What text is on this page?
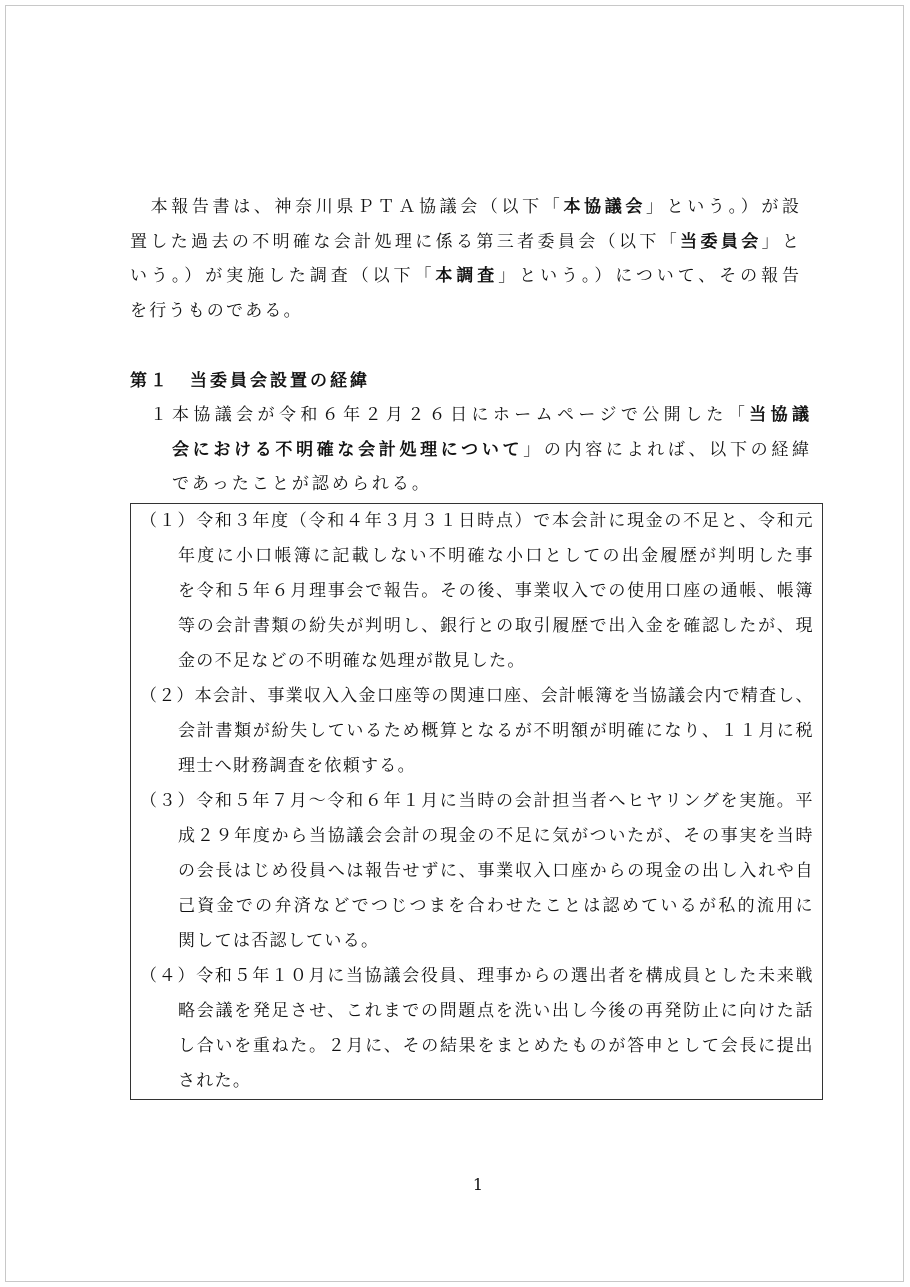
　本報告書は、神奈川県ＰＴＡ協議会（以下「本協議会」という。）が設
置した過去の不明確な会計処理に係る第三者委員会（以下「当委員会」と
いう。）が実施した調査（以下「本調査」という。）について、その報告
を行うものである。
第１ 当委員会設置の経緯
１ 本協議会が令和６年２月２６日にホームページで公開した「当協議
会における不明確な会計処理について」の内容によれば、以下の経緯
であったことが認められる。
（１）令和３年度（令和４年３月３１日時点）で本会計に現金の不足と、令和元
年度に小口帳簿に記載しない不明確な小口としての出金履歴が判明した事
を令和５年６月理事会で報告。その後、事業収入での使用口座の通帳、帳簿
等の会計書類の紛失が判明し、銀行との取引履歴で出入金を確認したが、現
金の不足などの不明確な処理が散見した。
（２）本会計、事業収入入金口座等の関連口座、会計帳簿を当協議会内で精査し、
会計書類が紛失しているため概算となるが不明額が明確になり、１１月に税
理士へ財務調査を依頼する。
（３）令和５年７月～令和６年１月に当時の会計担当者へヒヤリングを実施。平
成２９年度から当協議会会計の現金の不足に気がついたが、その事実を当時
の会長はじめ役員へは報告せずに、事業収入口座からの現金の出し入れや自
己資金での弁済などでつじつまを合わせたことは認めているが私的流用に
関しては否認している。
（４）令和５年１０月に当協議会役員、理事からの選出者を構成員とした未来戦
略会議を発足させ、これまでの問題点を洗い出し今後の再発防止に向けた話
し合いを重ねた。２月に、その結果をまとめたものが答申として会長に提出
された。
1
